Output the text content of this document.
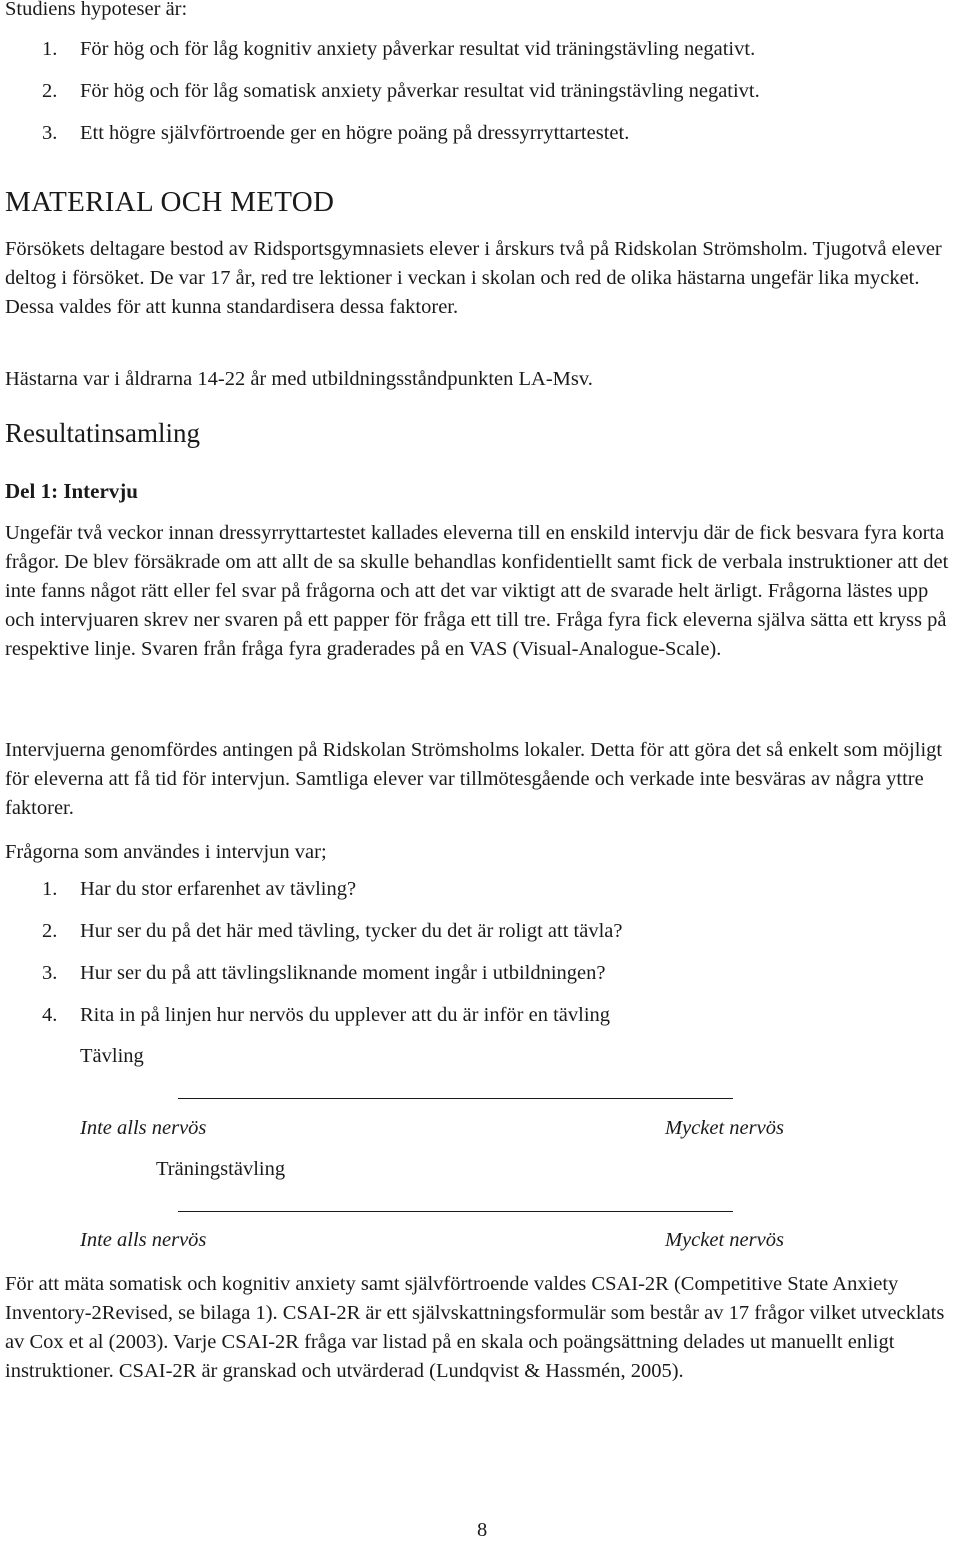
Studiens hypoteser är:

1. För hög och för låg kognitiv anxiety påverkar resultat vid träningstävling negativt.
2. För hög och för låg somatisk anxiety påverkar resultat vid träningstävling negativt.
3. Ett högre självförtroende ger en högre poäng på dressyrryttartestet.
MATERIAL OCH METOD

Försökets deltagare bestod av Ridsportsgymnasiets elever i årskurs två på Ridskolan Strömsholm. Tjugotvå elever deltog i försöket. De var 17 år, red tre lektioner i veckan i skolan och red de olika hästarna ungefär lika mycket. Dessa valdes för att kunna standardisera dessa faktorer.

Hästarna var i åldrarna 14-22 år med utbildningsståndpunkten LA-Msv.

Resultatinsamling

Del 1: Intervju

Ungefär två veckor innan dressyrryttartestet kallades eleverna till en enskild intervju där de fick besvara fyra korta frågor. De blev försäkrade om att allt de sa skulle behandlas konfidentiellt samt fick de verbala instruktioner att det inte fanns något rätt eller fel svar på frågorna och att det var viktigt att de svarade helt ärligt. Frågorna lästes upp och intervjuaren skrev ner svaren på ett papper för fråga ett till tre. Fråga fyra fick eleverna själva sätta ett kryss på respektive linje. Svaren från fråga fyra graderades på en VAS (Visual-Analogue-Scale).

Intervjuerna genomfördes antingen på Ridskolan Strömsholms lokaler. Detta för att göra det så enkelt som möjligt för eleverna att få tid för intervjun. Samtliga elever var tillmötesgående och verkade inte besväras av några yttre faktorer.

Frågorna som användes i intervjun var;

1. Har du stor erfarenhet av tävling?
2. Hur ser du på det här med tävling, tycker du det är roligt att tävla?
3. Hur ser du på att tävlingsliknande moment ingår i utbildningen?
4. Rita in på linjen hur nervös du upplever att du är inför en tävling
Tävling
Inte alls nervös	Mycket nervös
Träningstävling
Inte alls nervös	Mycket nervös

För att mäta somatisk och kognitiv anxiety samt självförtroende valdes CSAI-2R (Competitive State Anxiety Inventory-2Revised, se bilaga 1). CSAI-2R är ett självskattningsformulär som består av 17 frågor vilket utvecklats av Cox et al (2003). Varje CSAI-2R fråga var listad på en skala och poängsättning delades ut manuellt enligt instruktioner. CSAI-2R är granskad och utvärderad (Lundqvist & Hassmén, 2005).

8
